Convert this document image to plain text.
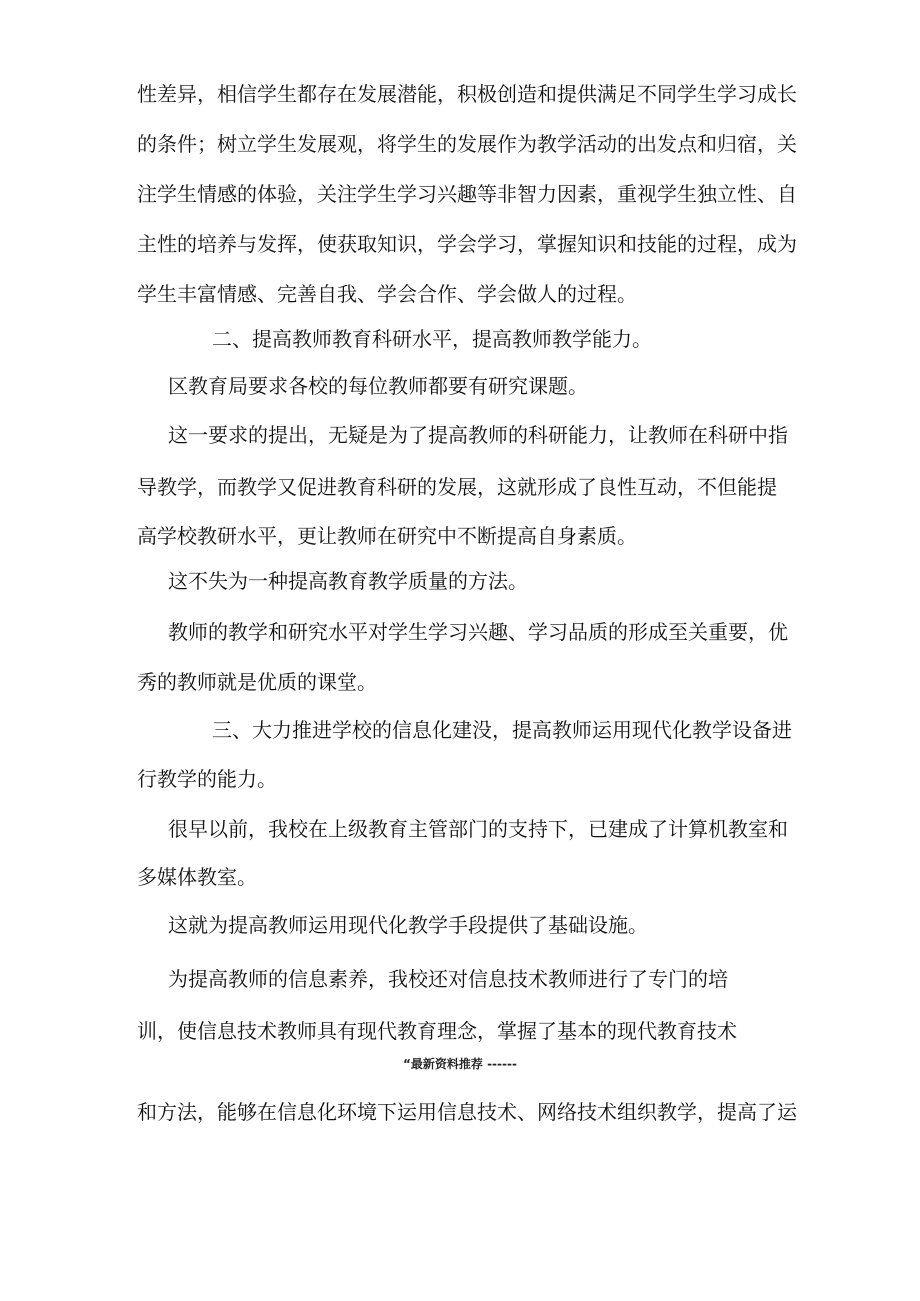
性差异，相信学生都存在发展潜能，积极创造和提供满足不同学生学习成长
的条件；树立学生发展观，将学生的发展作为教学活动的出发点和归宿，关
注学生情感的体验，关注学生学习兴趣等非智力因素，重视学生独立性、自
主性的培养与发挥，使获取知识，学会学习，掌握知识和技能的过程，成为
学生丰富情感、完善自我、学会合作、学会做人的过程。
二、提高教师教育科研水平，提高教师教学能力。
区教育局要求各校的每位教师都要有研究课题。
这一要求的提出，无疑是为了提高教师的科研能力，让教师在科研中指
导教学，而教学又促进教育科研的发展，这就形成了良性互动，不但能提
高学校教研水平，更让教师在研究中不断提高自身素质。
这不失为一种提高教育教学质量的方法。
教师的教学和研究水平对学生学习兴趣、学习品质的形成至关重要，优
秀的教师就是优质的课堂。
三、大力推进学校的信息化建没，提高教师运用现代化教学设备进
行教学的能力。
很早以前，我校在上级教育主管部门的支持下，已建成了计算机教室和
多媒体教室。
这就为提高教师运用现代化教学手段提供了基础设施。
为提高教师的信息素养，我校还对信息技术教师进行了专门的培
训，使信息技术教师具有现代教育理念，掌握了基本的现代教育技术
“最新资料推荐 ------
和方法，能够在信息化环境下运用信息技术、网络技术组织教学，提高了运
